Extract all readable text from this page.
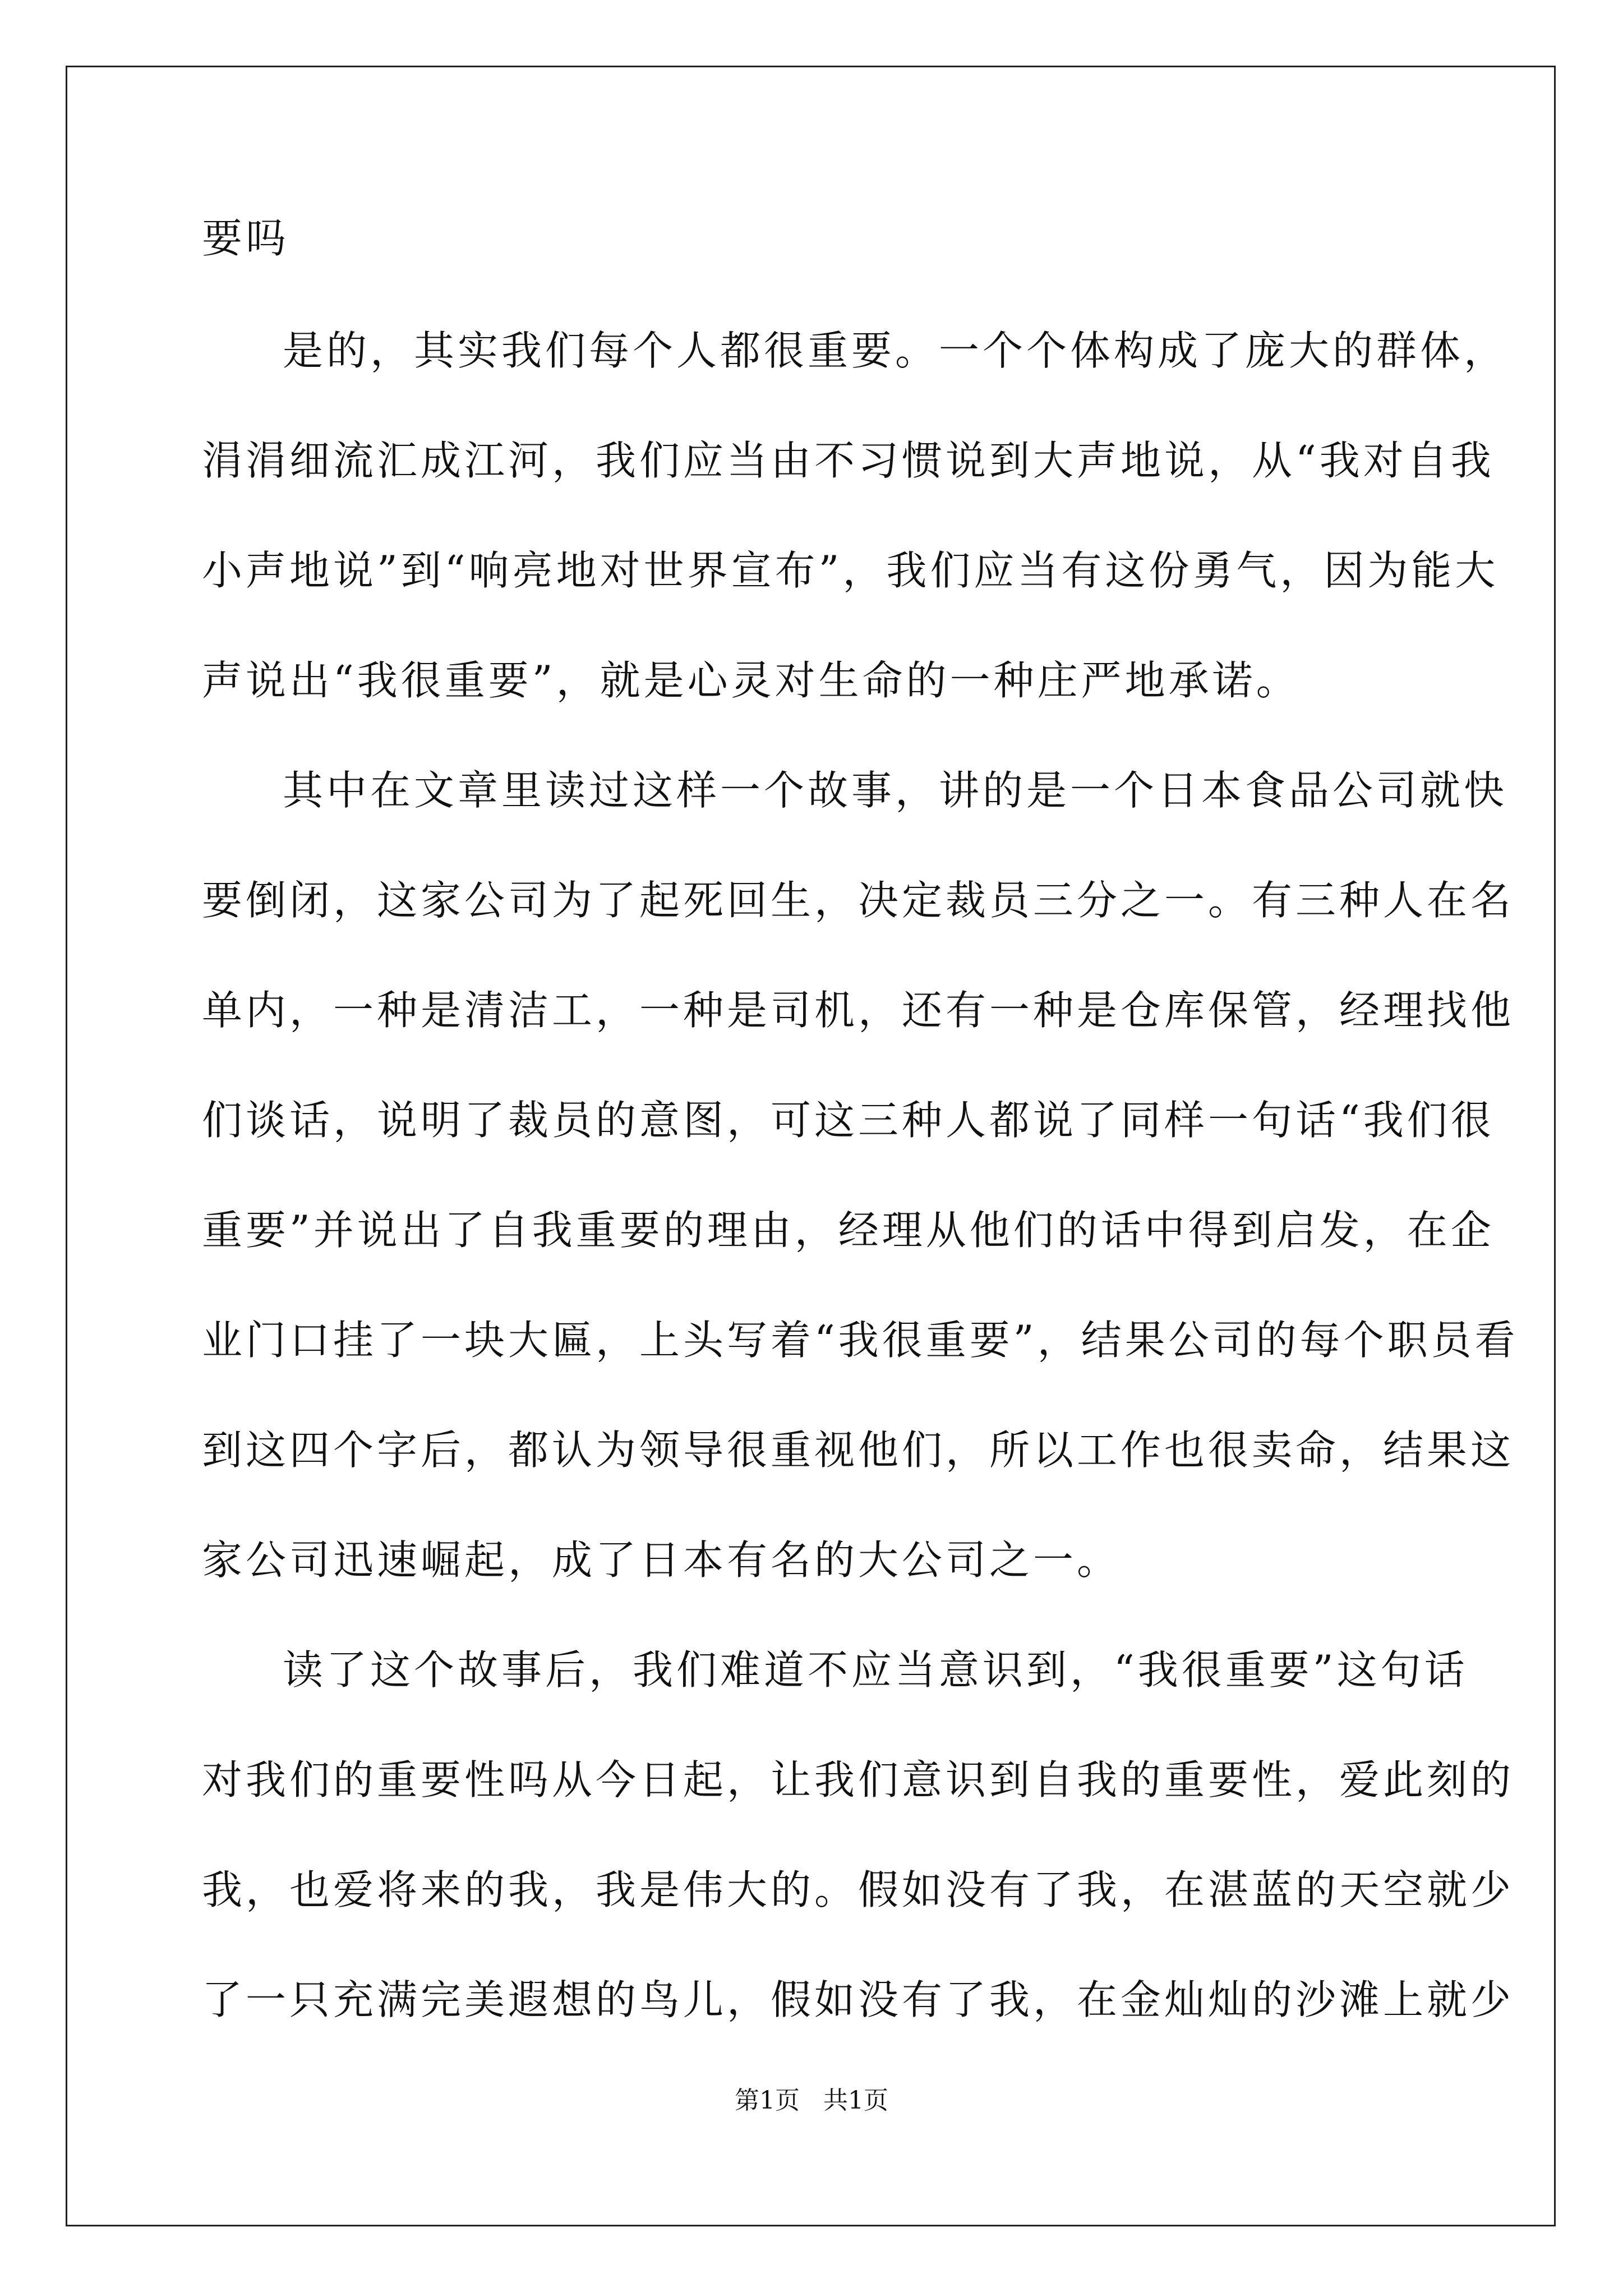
要吗

是的，其实我们每个人都很重要。一个个体构成了庞大的群体，

涓涓细流汇成江河，我们应当由不习惯说到大声地说，从“我对自我

小声地说”到“响亮地对世界宣布”，我们应当有这份勇气，因为能大

声说出“我很重要”，就是心灵对生命的一种庄严地承诺。

其中在文章里读过这样一个故事，讲的是一个日本食品公司就快

要倒闭，这家公司为了起死回生，决定裁员三分之一。有三种人在名

单内，一种是清洁工，一种是司机，还有一种是仓库保管，经理找他

们谈话，说明了裁员的意图，可这三种人都说了同样一句话“我们很

重要”并说出了自我重要的理由，经理从他们的话中得到启发，在企

业门口挂了一块大匾，上头写着“我很重要”，结果公司的每个职员看

到这四个字后，都认为领导很重视他们，所以工作也很卖命，结果这

家公司迅速崛起，成了日本有名的大公司之一。

读了这个故事后，我们难道不应当意识到，“我很重要”这句话

对我们的重要性吗从今日起，让我们意识到自我的重要性，爱此刻的

我，也爱将来的我，我是伟大的。假如没有了我，在湛蓝的天空就少

了一只充满完美遐想的鸟儿，假如没有了我，在金灿灿的沙滩上就少

第1页   共1页
